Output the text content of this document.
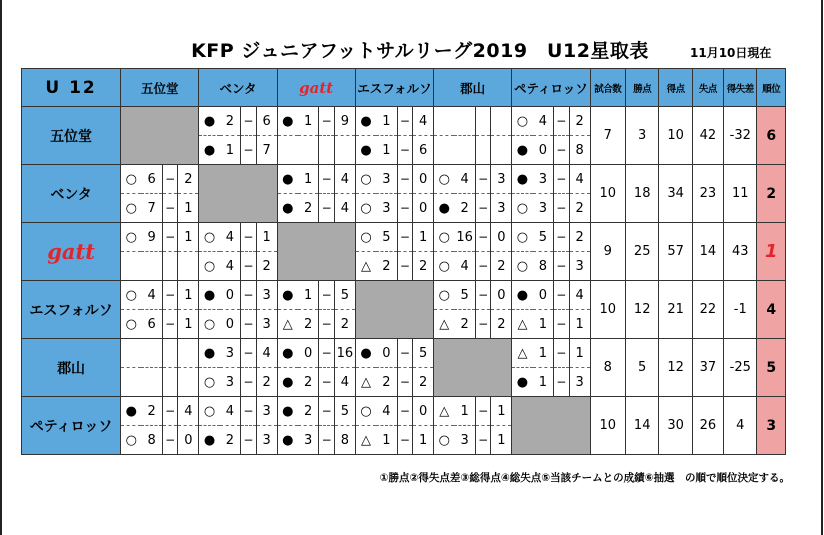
KFP ジュニアフットサルリーグ2019　U12星取表	11月10日現在
U 12	五位堂				ベンタ				gatt				エスフォルソ				郡山				ペティロッソ				試合数	勝点	得点	失点	得失差	順位
五位堂					●	2	−	6	●	1	−	9	●	1	−	4					○	4	−	2	7	3	10	42	-32	6
					●	1	−	7					●	1	−	6					●	0	−	8						
ベンタ	○	6	−	2					●	1	−	4	○	3	−	0	○	4	−	3	●	3	−	4	10	18	34	23	11	2
	○	7	−	1					●	2	−	4	○	3	−	0	●	2	−	3	○	3	−	2						
gatt	○	9	−	1	○	4	−	1					○	5	−	1	○	16	−	0	○	5	−	2	9	25	57	14	43	1
					○	4	−	2					△	2	−	2	○	4	−	2	○	8	−	3						
エスフォルソ	○	4	−	1	●	0	−	3	●	1	−	5					○	5	−	0	●	0	−	4	10	12	21	22	-1	4
	○	6	−	1	○	0	−	3	△	2	−	2					△	2	−	2	△	1	−	1						
郡山					●	3	−	4	●	0	−	16	●	0	−	5					△	1	−	1	8	5	12	37	-25	5
					○	3	−	2	●	2	−	4	△	2	−	2					●	1	−	3						
ペティロッソ	●	2	−	4	○	4	−	3	●	2	−	5	○	4	−	0	△	1	−	1					10	14	30	26	4	3
	○	8	−	0	●	2	−	3	●	3	−	8	△	1	−	1	○	3	−	1										
①勝点②得失点差③総得点④総失点⑤当該チームとの成績⑥抽選　の順で順位決定する。
